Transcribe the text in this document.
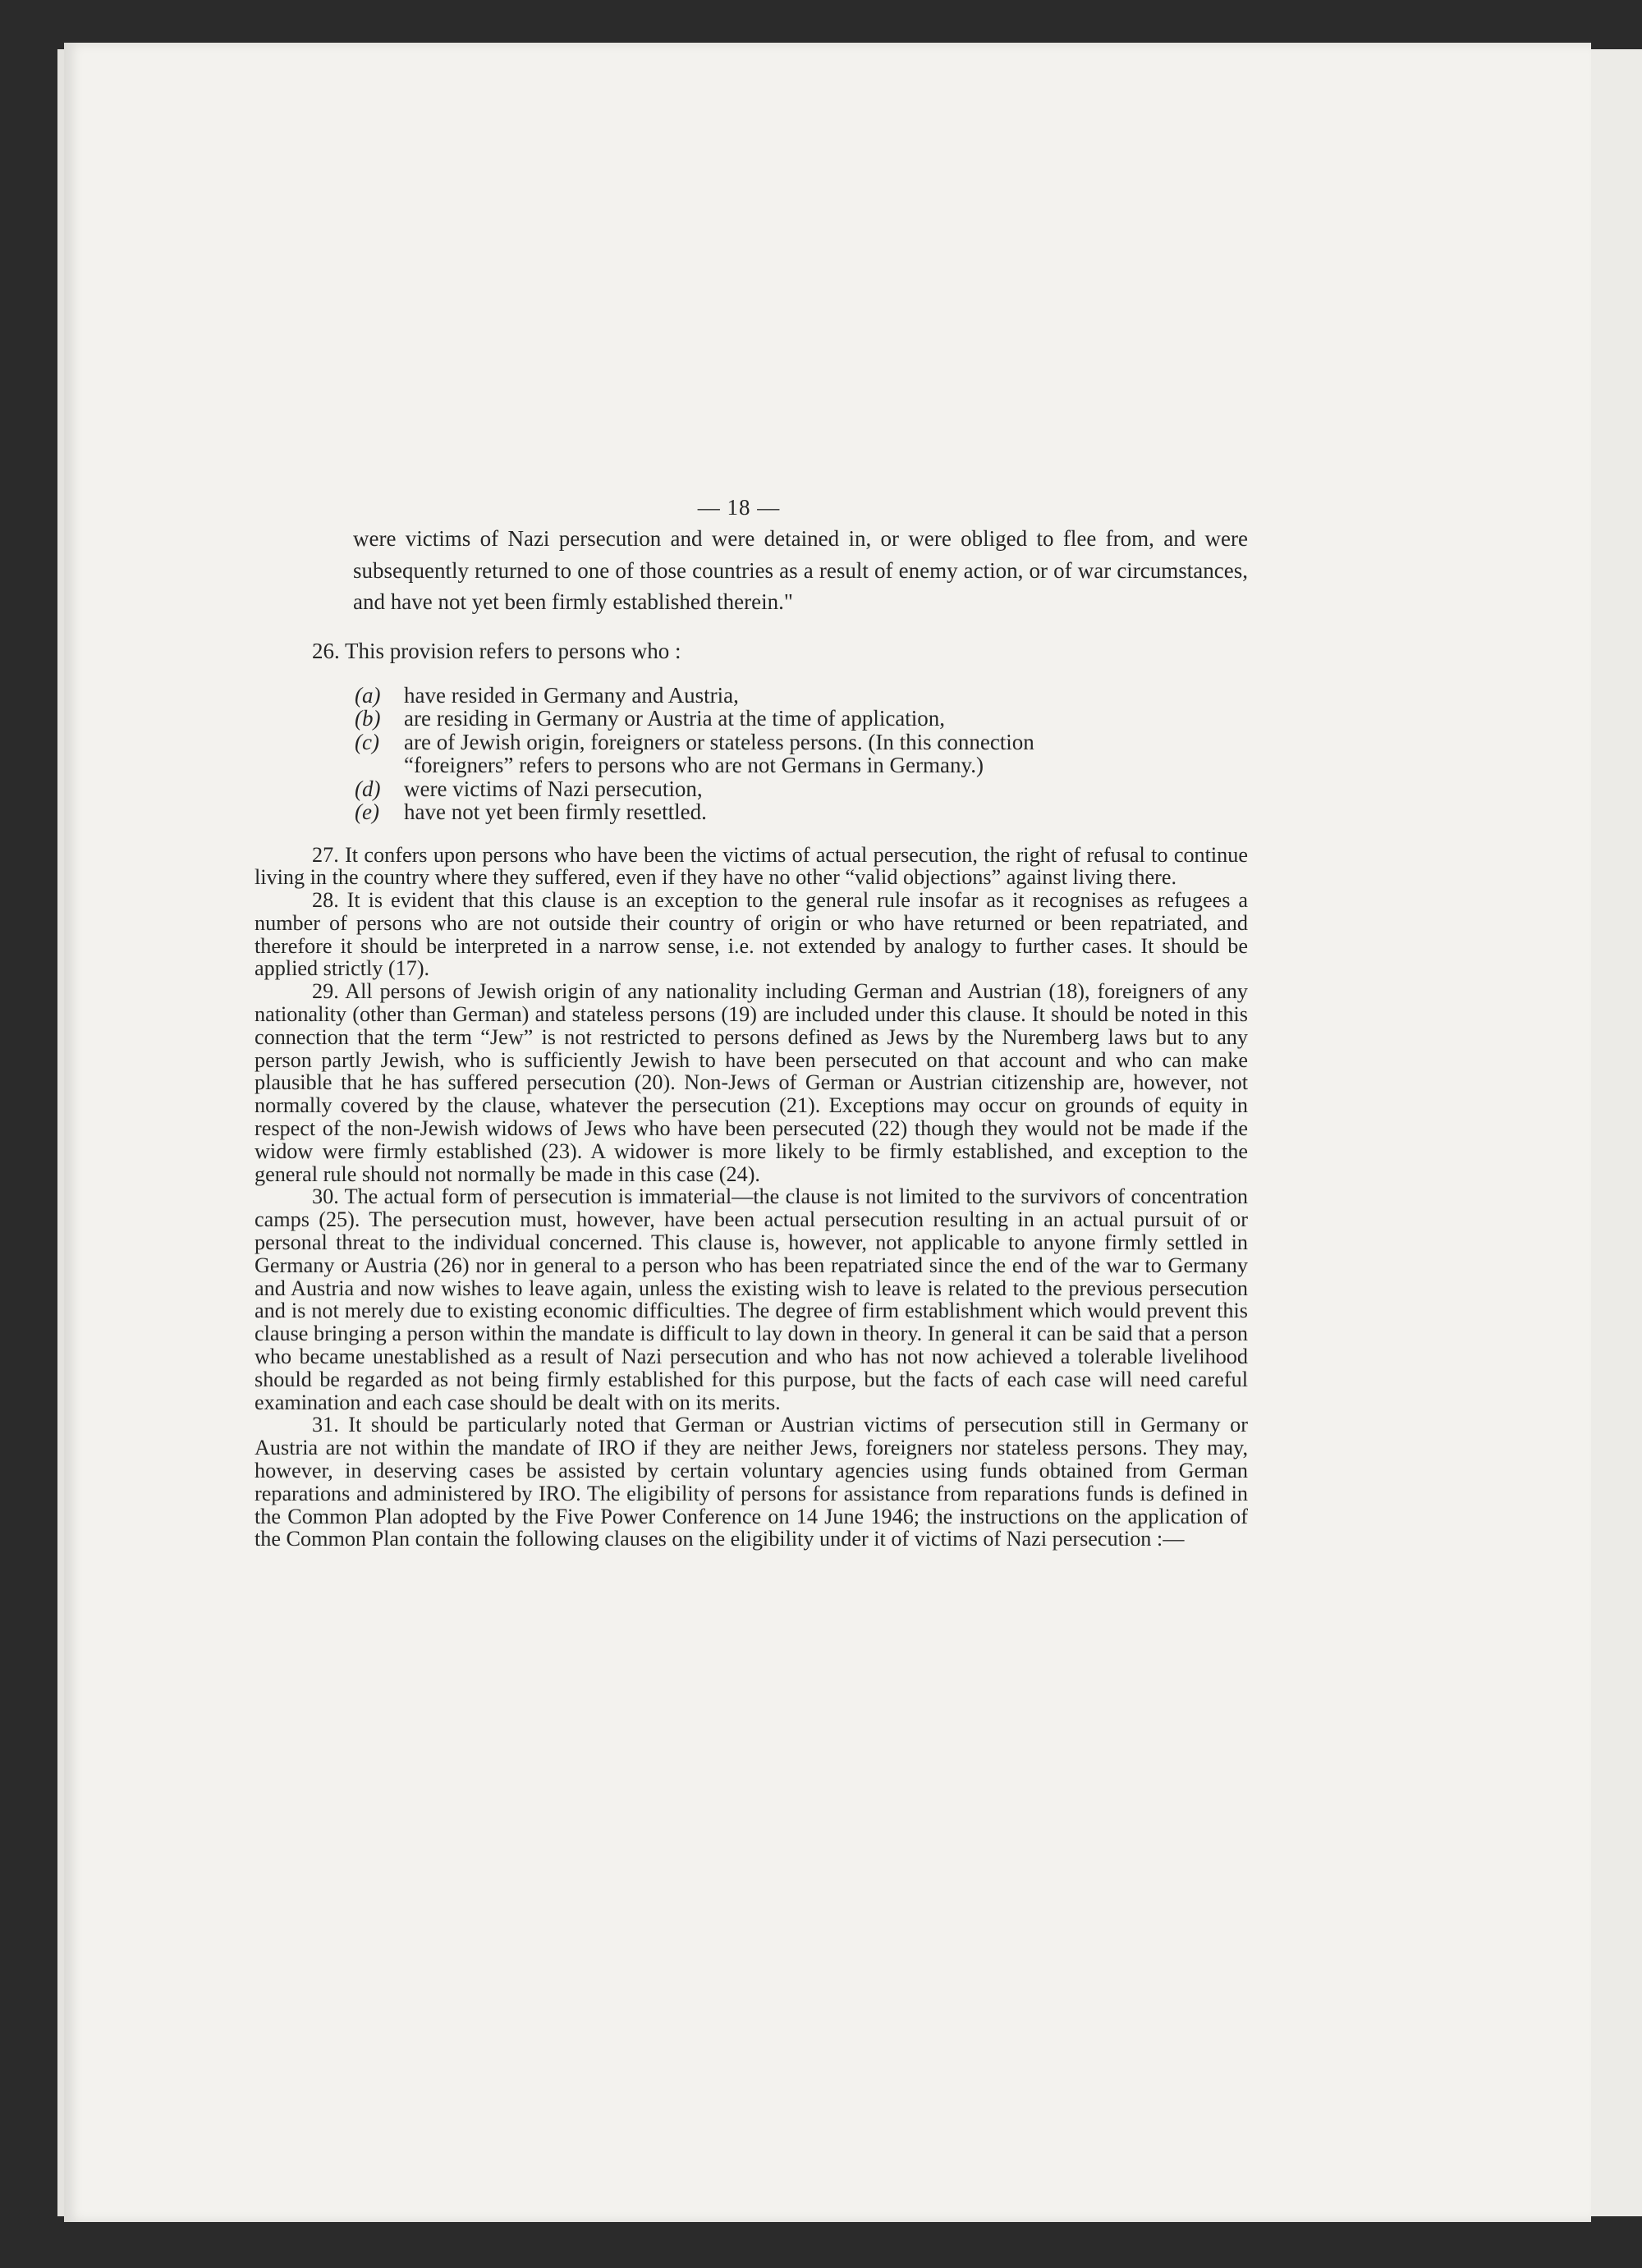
— 18 —
were victims of Nazi persecution and were detained in, or were obliged to flee from, and were subsequently returned to one of those countries as a result of enemy action, or of war circumstances, and have not yet been firmly established therein."
26. This provision refers to persons who :
(a)	have resided in Germany and Austria,
(b)	are residing in Germany or Austria at the time of application,
(c)	are of Jewish origin, foreigners or stateless persons. (In this connection
“foreigners” refers to persons who are not Germans in Germany.)
(d)	were victims of Nazi persecution,
(e)	have not yet been firmly resettled.
27. It confers upon persons who have been the victims of actual persecution, the right of refusal to continue living in the country where they suffered, even if they have no other “valid objections” against living there.
28. It is evident that this clause is an exception to the general rule insofar as it recognises as refugees a number of persons who are not outside their country of origin or who have returned or been repatriated, and therefore it should be interpreted in a narrow sense, i.e. not extended by analogy to further cases. It should be applied strictly (17).
29. All persons of Jewish origin of any nationality including German and Austrian (18), foreigners of any nationality (other than German) and stateless persons (19) are included under this clause. It should be noted in this connection that the term “Jew” is not restricted to persons defined as Jews by the Nuremberg laws but to any person partly Jewish, who is sufficiently Jewish to have been persecuted on that account and who can make plausible that he has suffered persecution (20). Non-Jews of German or Austrian citizenship are, however, not normally covered by the clause, whatever the persecution (21). Exceptions may occur on grounds of equity in respect of the non-Jewish widows of Jews who have been persecuted (22) though they would not be made if the widow were firmly established (23). A widower is more likely to be firmly established, and exception to the general rule should not normally be made in this case (24).
30. The actual form of persecution is immaterial—the clause is not limited to the survivors of concentration camps (25). The persecution must, however, have been actual persecution resulting in an actual pursuit of or personal threat to the individual concerned. This clause is, however, not applicable to anyone firmly settled in Germany or Austria (26) nor in general to a person who has been repatriated since the end of the war to Germany and Austria and now wishes to leave again, unless the existing wish to leave is related to the previous persecution and is not merely due to existing economic difficulties. The degree of firm establishment which would prevent this clause bringing a person within the mandate is difficult to lay down in theory. In general it can be said that a person who became unestablished as a result of Nazi persecution and who has not now achieved a tolerable livelihood should be regarded as not being firmly established for this purpose, but the facts of each case will need careful examination and each case should be dealt with on its merits.
31. It should be particularly noted that German or Austrian victims of persecution still in Germany or Austria are not within the mandate of IRO if they are neither Jews, foreigners nor stateless persons. They may, however, in deserving cases be assisted by certain voluntary agencies using funds obtained from German reparations and administered by IRO. The eligibility of persons for assistance from reparations funds is defined in the Common Plan adopted by the Five Power Conference on 14 June 1946; the instructions on the application of the Common Plan contain the following clauses on the eligibility under it of victims of Nazi persecution :—
